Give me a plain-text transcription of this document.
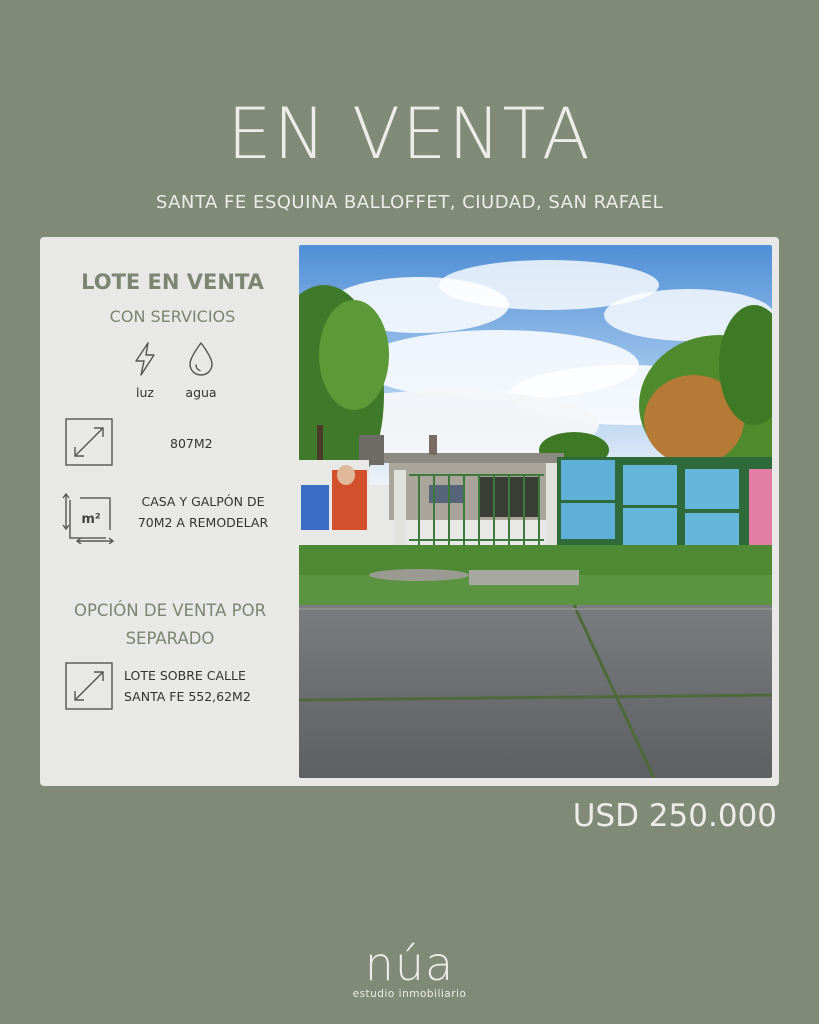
EN VENTA
SANTA FE ESQUINA BALLOFFET, CIUDAD, SAN RAFAEL
LOTE EN VENTA
CON SERVICIOS
luz	agua
807M2
m²
CASA Y GALPÓN DE
70M2 A REMODELAR
OPCIÓN DE VENTA POR
SEPARADO
LOTE SOBRE CALLE
SANTA FE 552,62M2
USD 250.000
núa
estudio inmobiliario
